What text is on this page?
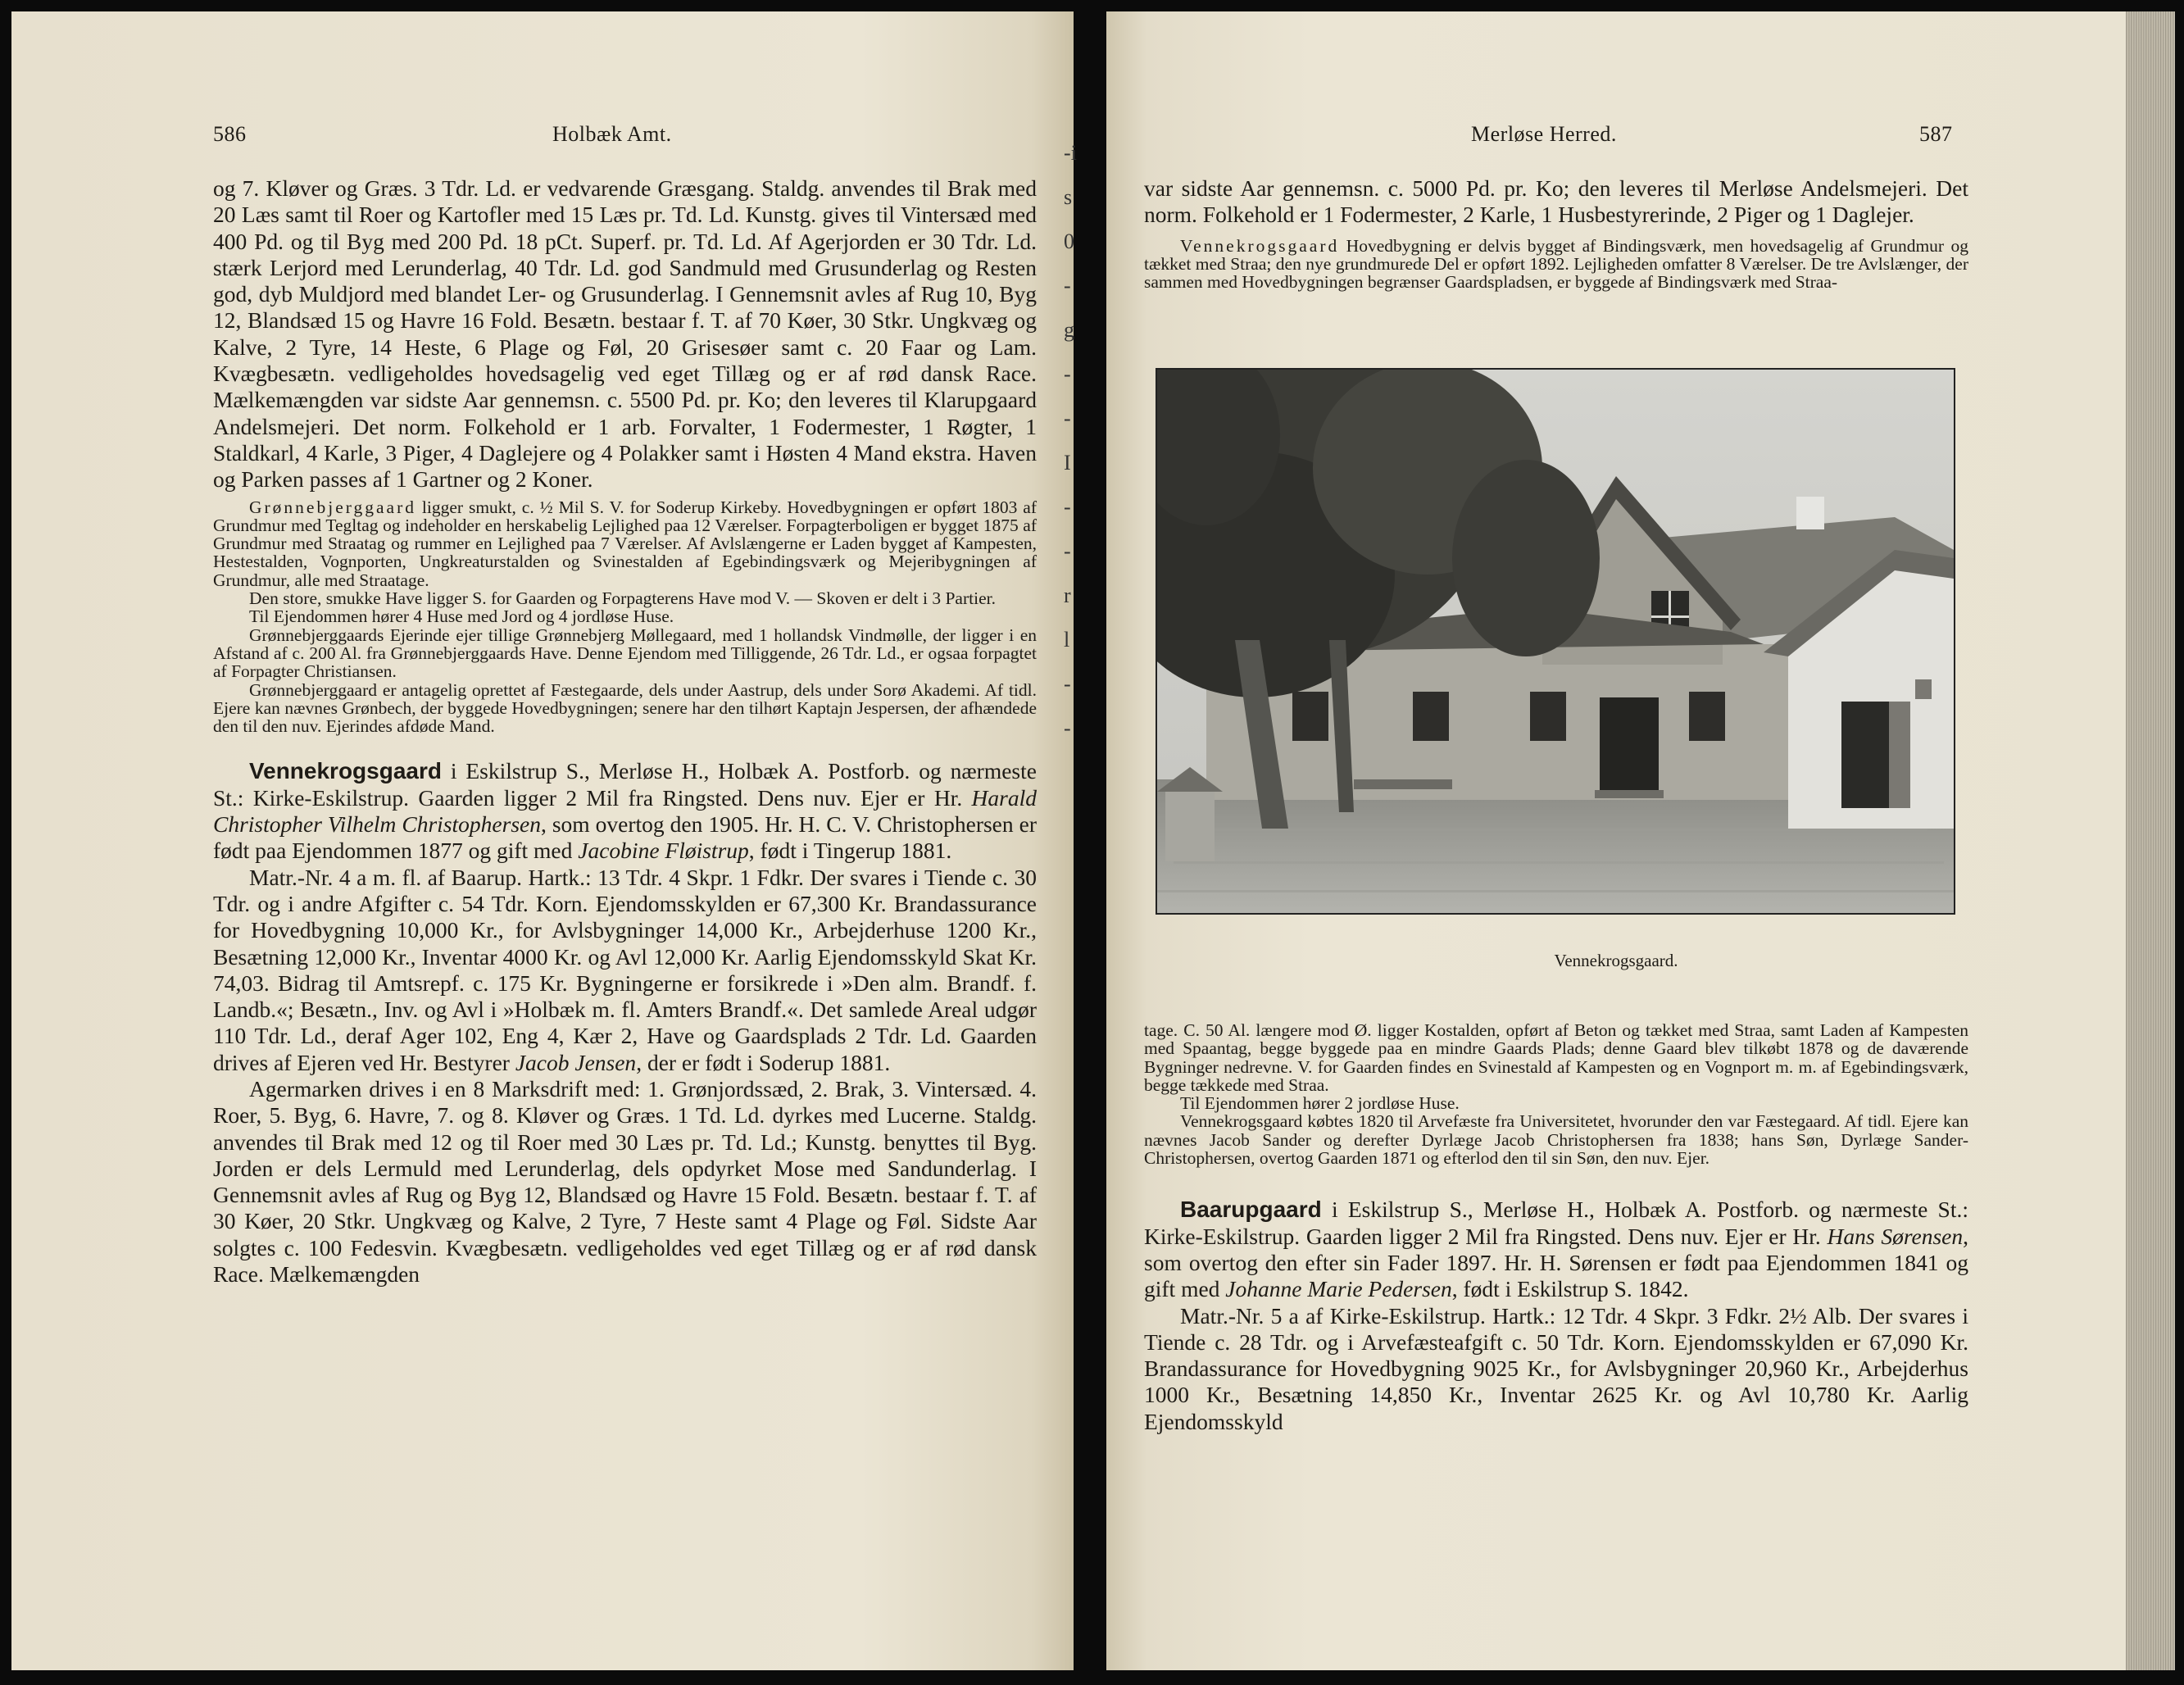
586	Holbæk Amt.

og 7. Kløver og Græs. 3 Tdr. Ld. er vedvarende Græsgang. Staldg. anvendes til Brak med 20 Læs samt til Roer og Kartofler med 15 Læs pr. Td. Ld. Kunstg. gives til Vintersæd med 400 Pd. og til Byg med 200 Pd. 18 pCt. Superf. pr. Td. Ld. Af Agerjorden er 30 Tdr. Ld. stærk Lerjord med Lerunderlag, 40 Tdr. Ld. god Sandmuld med Grusunderlag og Resten god, dyb Muldjord med blandet Ler- og Grusunderlag. I Gennemsnit avles af Rug 10, Byg 12, Blandsæd 15 og Havre 16 Fold. Besætn. bestaar f. T. af 70 Køer, 30 Stkr. Ungkvæg og Kalve, 2 Tyre, 14 Heste, 6 Plage og Føl, 20 Grisesøer samt c. 20 Faar og Lam. Kvægbesætn. vedligeholdes hovedsagelig ved eget Tillæg og er af rød dansk Race. Mælkemængden var sidste Aar gennemsn. c. 5500 Pd. pr. Ko; den leveres til Klarupgaard Andelsmejeri. Det norm. Folkehold er 1 arb. Forvalter, 1 Fodermester, 1 Røgter, 1 Staldkarl, 4 Karle, 3 Piger, 4 Daglejere og 4 Polakker samt i Høsten 4 Mand ekstra. Haven og Parken passes af 1 Gartner og 2 Koner.

Grønnebjerggaard ligger smukt, c. ½ Mil S. V. for Soderup Kirkeby. Hovedbygningen er opført 1803 af Grundmur med Tegltag og indeholder en herskabelig Lejlighed paa 12 Værelser. Forpagterboligen er bygget 1875 af Grundmur med Straatag og rummer en Lejlighed paa 7 Værelser. Af Avlslængerne er Laden bygget af Kampesten, Hestestalden, Vognporten, Ungkreaturstalden og Svinestalden af Egebindingsværk og Mejeribygningen af Grundmur, alle med Straatage.

Den store, smukke Have ligger S. for Gaarden og Forpagterens Have mod V. — Skoven er delt i 3 Partier.

Til Ejendommen hører 4 Huse med Jord og 4 jordløse Huse.

Grønnebjerggaards Ejerinde ejer tillige Grønnebjerg Møllegaard, med 1 hollandsk Vindmølle, der ligger i en Afstand af c. 200 Al. fra Grønnebjerggaards Have. Denne Ejendom med Tilliggende, 26 Tdr. Ld., er ogsaa forpagtet af Forpagter Christiansen.

Grønnebjerggaard er antagelig oprettet af Fæstegaarde, dels under Aastrup, dels under Sorø Akademi. Af tidl. Ejere kan nævnes Grønbech, der byggede Hovedbygningen; senere har den tilhørt Kaptajn Jespersen, der afhændede den til den nuv. Ejerindes afdøde Mand.

Vennekrogsgaard i Eskilstrup S., Merløse H., Holbæk A. Postforb. og nærmeste St.: Kirke-Eskilstrup. Gaarden ligger 2 Mil fra Ringsted. Dens nuv. Ejer er Hr. Harald Christopher Vilhelm Christophersen, som overtog den 1905. Hr. H. C. V. Christophersen er født paa Ejendommen 1877 og gift med Jacobine Fløistrup, født i Tingerup 1881.

Matr.-Nr. 4 a m. fl. af Baarup. Hartk.: 13 Tdr. 4 Skpr. 1 Fdkr. Der svares i Tiende c. 30 Tdr. og i andre Afgifter c. 54 Tdr. Korn. Ejendomsskylden er 67,300 Kr. Brandassurance for Hovedbygning 10,000 Kr., for Avlsbygninger 14,000 Kr., Arbejderhuse 1200 Kr., Besætning 12,000 Kr., Inventar 4000 Kr. og Avl 12,000 Kr. Aarlig Ejendomsskyld Skat Kr. 74,03. Bidrag til Amtsrepf. c. 175 Kr. Bygningerne er forsikrede i »Den alm. Brandf. f. Landb.«; Besætn., Inv. og Avl i »Holbæk m. fl. Amters Brandf.«. Det samlede Areal udgør 110 Tdr. Ld., deraf Ager 102, Eng 4, Kær 2, Have og Gaardsplads 2 Tdr. Ld. Gaarden drives af Ejeren ved Hr. Bestyrer Jacob Jensen, der er født i Soderup 1881.

Agermarken drives i en 8 Marksdrift med: 1. Grønjordssæd, 2. Brak, 3. Vintersæd. 4. Roer, 5. Byg, 6. Havre, 7. og 8. Kløver og Græs. 1 Td. Ld. dyrkes med Lucerne. Staldg. anvendes til Brak med 12 og til Roer med 30 Læs pr. Td. Ld.; Kunstg. benyttes til Byg. Jorden er dels Lermuld med Lerunderlag, dels opdyrket Mose med Sandunderlag. I Gennemsnit avles af Rug og Byg 12, Blandsæd og Havre 15 Fold. Besætn. bestaar f. T. af 30 Køer, 20 Stkr. Ungkvæg og Kalve, 2 Tyre, 7 Heste samt 4 Plage og Føl. Sidste Aar solgtes c. 100 Fedesvin. Kvægbesætn. vedligeholdes ved eget Tillæg og er af rød dansk Race. Mælkemængden

-i
s
0
-
g
-
-
I
-
-
r
l
-
-
Merløse Herred.	587

var sidste Aar gennemsn. c. 5000 Pd. pr. Ko; den leveres til Merløse Andelsmejeri. Det norm. Folkehold er 1 Fodermester, 2 Karle, 1 Husbestyrerinde, 2 Piger og 1 Daglejer.

Vennekrogsgaard Hovedbygning er delvis bygget af Bindingsværk, men hovedsagelig af Grundmur og tækket med Straa; den nye grundmurede Del er opført 1892. Lejligheden omfatter 8 Værelser. De tre Avlslænger, der sammen med Hovedbygningen begrænser Gaardspladsen, er byggede af Bindingsværk med Straa-

tage. C. 50 Al. længere mod Ø. ligger Kostalden, opført af Beton og tækket med Straa, samt Laden af Kampesten med Spaantag, begge byggede paa en mindre Gaards Plads; denne Gaard blev tilkøbt 1878 og de daværende Bygninger nedrevne. V. for Gaarden findes en Svinestald af Kampesten og en Vognport m. m. af Egebindingsværk, begge tækkede med Straa.

Til Ejendommen hører 2 jordløse Huse.

Vennekrogsgaard købtes 1820 til Arvefæste fra Universitetet, hvorunder den var Fæstegaard. Af tidl. Ejere kan nævnes Jacob Sander og derefter Dyrlæge Jacob Christophersen fra 1838; hans Søn, Dyrlæge Sander-Christophersen, overtog Gaarden 1871 og efterlod den til sin Søn, den nuv. Ejer.

Baarupgaard i Eskilstrup S., Merløse H., Holbæk A. Postforb. og nærmeste St.: Kirke-Eskilstrup. Gaarden ligger 2 Mil fra Ringsted. Dens nuv. Ejer er Hr. Hans Sørensen, som overtog den efter sin Fader 1897. Hr. H. Sørensen er født paa Ejendommen 1841 og gift med Johanne Marie Pedersen, født i Eskilstrup S. 1842.

Matr.-Nr. 5 a af Kirke-Eskilstrup. Hartk.: 12 Tdr. 4 Skpr. 3 Fdkr. 2½ Alb. Der svares i Tiende c. 28 Tdr. og i Arvefæsteafgift c. 50 Tdr. Korn. Ejendomsskylden er 67,090 Kr. Brandassurance for Hovedbygning 9025 Kr., for Avlsbygninger 20,960 Kr., Arbejderhus 1000 Kr., Besætning 14,850 Kr., Inventar 2625 Kr. og Avl 10,780 Kr. Aarlig Ejendomsskyld

Vennekrogsgaard.
